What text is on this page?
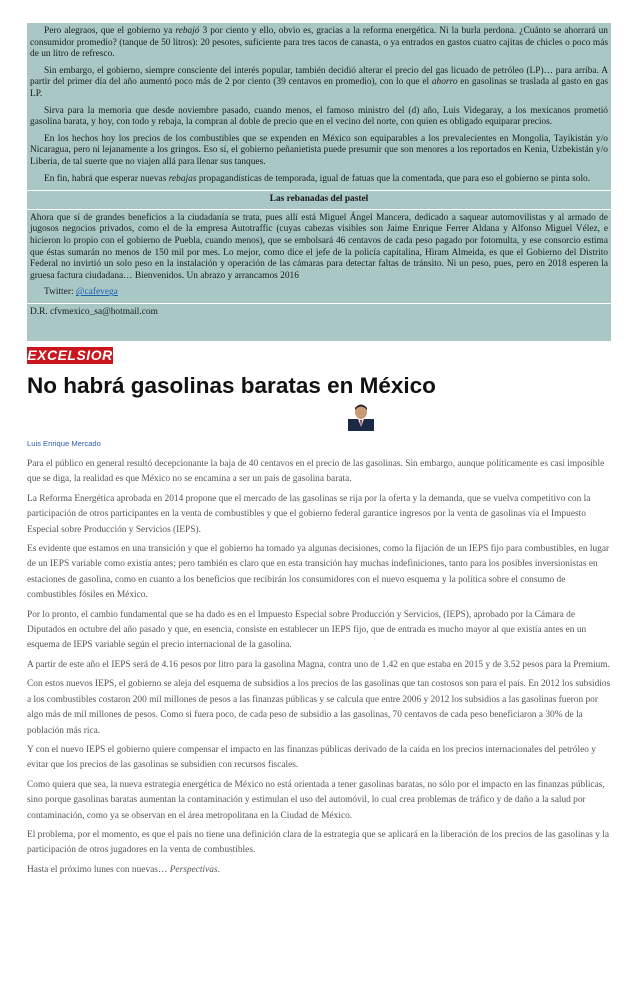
Pero alegraos, que el gobierno ya rebajó 3 por ciento y ello, obvio es, gracias a la reforma energética. Ni la burla perdona. ¿Cuánto se ahorrará un consumidor promedio? (tanque de 50 litros): 20 pesotes, suficiente para tres tacos de canasta, o ya entrados en gastos cuatro cajitas de chicles o poco más de un litro de refresco.

Sin embargo, el gobierno, siempre consciente del interés popular, también decidió alterar el precio del gas licuado de petróleo (LP)… para arriba. A partir del primer día del año aumentó poco más de 2 por ciento (39 centavos en promedio), con lo que el ahorro en gasolinas se traslada al gasto en gas LP.

Sirva para la memoria que desde noviembre pasado, cuando menos, el famoso ministro del (d) año, Luis Videgaray, a los mexicanos prometió gasolina barata, y hoy, con todo y rebaja, la compran al doble de precio que en el vecino del norte, con quien es obligado equiparar precios.

En los hechos hoy los precios de los combustibles que se expenden en México son equiparables a los prevalecientes en Mongolia, Tayikistán y/o Nicaragua, pero ni lejanamente a los gringos. Eso sí, el gobierno peñanietista puede presumir que son menores a los reportados en Kenia, Uzbekistán y/o Liberia, de tal suerte que no viajen allá para llenar sus tanques.

En fin, habrá que esperar nuevas rebajas propagandísticas de temporada, igual de fatuas que la comentada, que para eso el gobierno se pinta solo.

Las rebanadas del pastel

Ahora que sí de grandes beneficios a la ciudadanía se trata, pues allí está Miguel Ángel Mancera, dedicado a saquear automovilistas y al armado de jugosos negocios privados, como el de la empresa Autotraffic (cuyas cabezas visibles son Jaime Enrique Ferrer Aldana y Alfonso Miguel Vélez, e hicieron lo propio con el gobierno de Puebla, cuando menos), que se embolsará 46 centavos de cada peso pagado por fotomulta, y ese consorcio estima que éstas sumarán no menos de 150 mil por mes. Lo mejor, como dice el jefe de la policía capitalina, Hiram Almeida, es que el Gobierno del Distrito Federal no invirtió un solo peso en la instalación y operación de las cámaras para detectar faltas de tránsito. Ni un peso, pues, pero en 2018 esperen la gruesa factura ciudadana… Bienvenidos. Un abrazo y arrancamos 2016

Twitter: @cafevega

D.R. cfvmexico_sa@hotmail.com

EXCELSIOR
No habrá gasolinas baratas en México
Luis Enrique Mercado

Para el público en general resultó decepcionante la baja de 40 centavos en el precio de las gasolinas. Sin embargo, aunque políticamente es casi imposible que se diga, la realidad es que México no se encamina a ser un país de gasolina barata.

La Reforma Energética aprobada en 2014 propone que el mercado de las gasolinas se rija por la oferta y la demanda, que se vuelva competitivo con la participación de otros participantes en la venta de combustibles y que el gobierno federal garantice ingresos por la venta de gasolinas vía el Impuesto Especial sobre Producción y Servicios (IEPS).

Es evidente que estamos en una transición y que el gobierno ha tomado ya algunas decisiones, como la fijación de un IEPS fijo para combustibles, en lugar de un IEPS variable como existía antes; pero también es claro que en esta transición hay muchas indefiniciones, tanto para los posibles inversionistas en estaciones de gasolina, como en cuanto a los beneficios que recibirán los consumidores con el nuevo esquema y la política sobre el consumo de combustibles fósiles en México.

Por lo pronto, el cambio fundamental que se ha dado es en el Impuesto Especial sobre Producción y Servicios, (IEPS), aprobado por la Cámara de Diputados en octubre del año pasado y que, en esencia, consiste en establecer un IEPS fijo, que de entrada es mucho mayor al que existía antes en un esquema de IEPS variable según el precio internacional de la gasolina.

A partir de este año el IEPS será de 4.16 pesos por litro para la gasolina Magna, contra uno de 1.42 en que estaba en 2015 y de 3.52 pesos para la Premium.

Con estos nuevos IEPS, el gobierno se aleja del esquema de subsidios a los precios de las gasolinas que tan costosos son para el país. En 2012 los subsidios a los combustibles costaron 200 mil millones de pesos a las finanzas públicas y se calcula que entre 2006 y 2012 los subsidios a las gasolinas fueron por algo más de mil millones de pesos. Como si fuera poco, de cada peso de subsidio a las gasolinas, 70 centavos de cada peso beneficiaron a 30% de la población más rica.

Y con el nuevo IEPS el gobierno quiere compensar el impacto en las finanzas públicas derivado de la caída en los precios internacionales del petróleo y evitar que los precios de las gasolinas se subsidien con recursos fiscales.

Como quiera que sea, la nueva estrategia energética de México no está orientada a tener gasolinas baratas, no sólo por el impacto en las finanzas públicas, sino porque gasolinas baratas aumentan la contaminación y estimulan el uso del automóvil, lo cual crea problemas de tráfico y de daño a la salud por contaminación, como ya se observan en el área metropolitana en la Ciudad de México.

El problema, por el momento, es que el país no tiene una definición clara de la estrategia que se aplicará en la liberación de los precios de las gasolinas y la participación de otros jugadores en la venta de combustibles.

Hasta el próximo lunes con nuevas… Perspectivas.
